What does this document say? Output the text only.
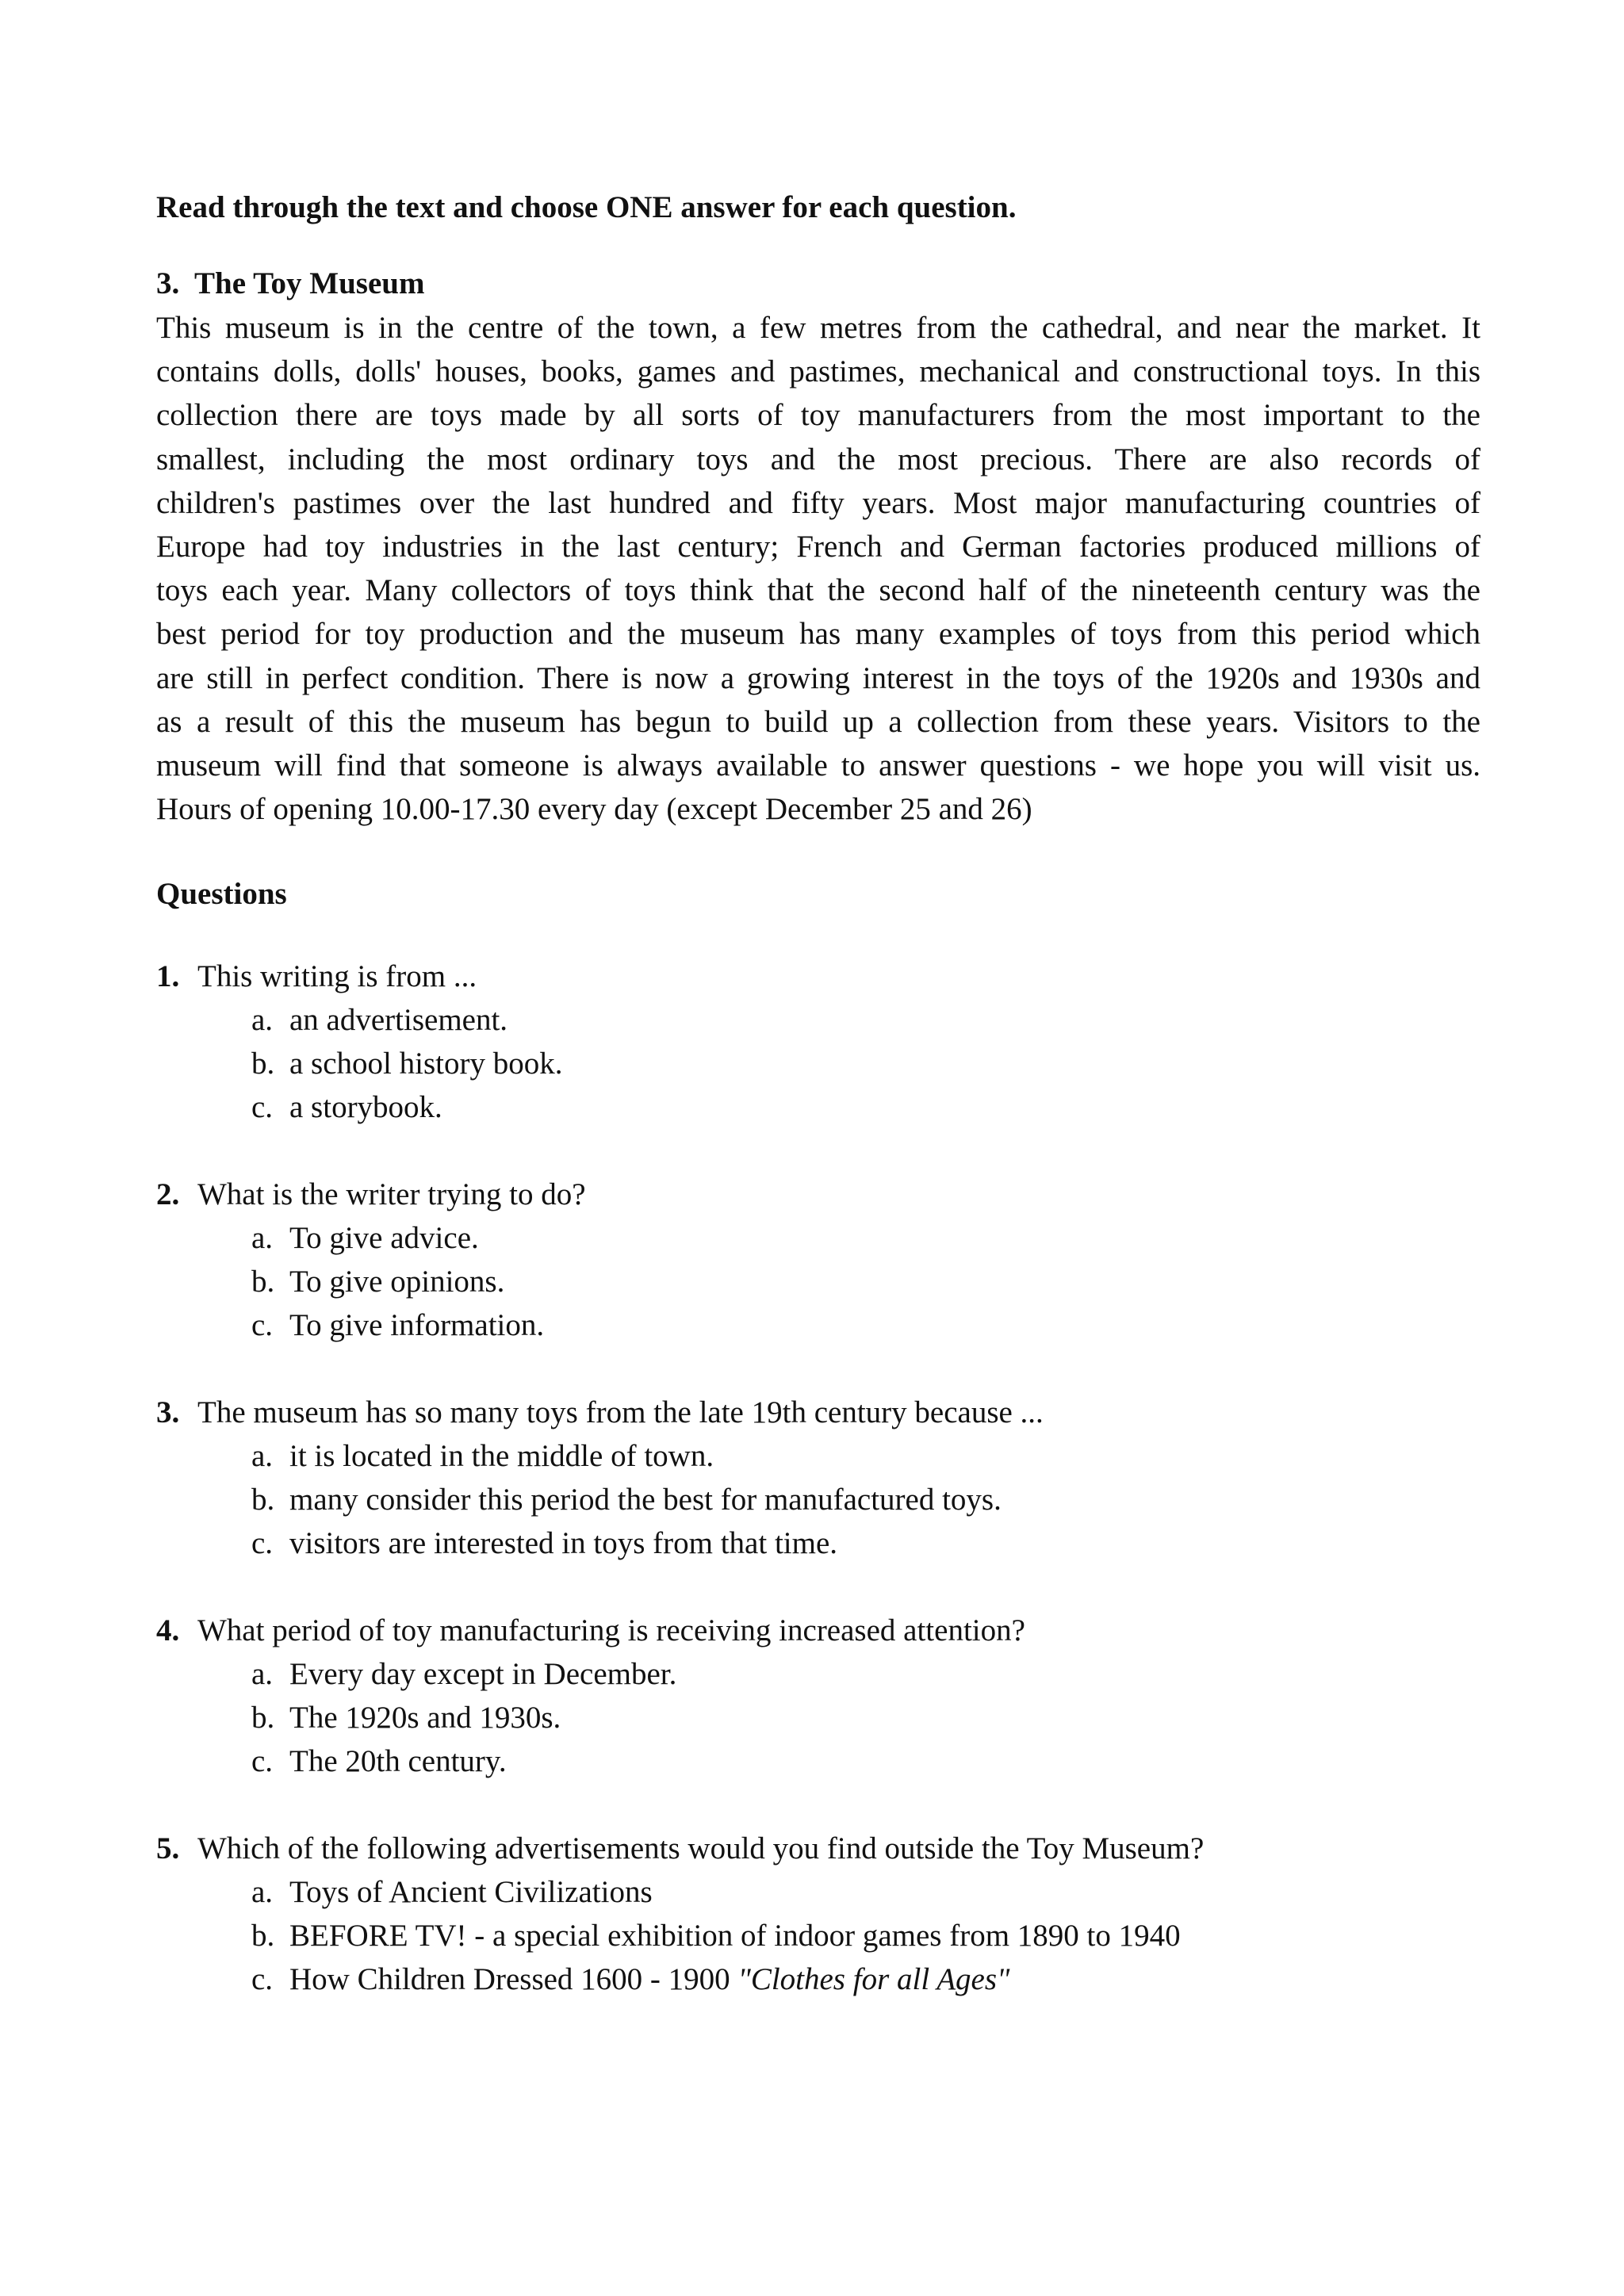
Read through the text and choose ONE answer for each question.

3. The Toy Museum

This museum is in the centre of the town, a few metres from the cathedral, and near the market. It
contains dolls, dolls' houses, books, games and pastimes, mechanical and constructional toys. In this
collection there are toys made by all sorts of toy manufacturers from the most important to the
smallest, including the most ordinary toys and the most precious. There are also records of
children's pastimes over the last hundred and fifty years. Most major manufacturing countries of
Europe had toy industries in the last century; French and German factories produced millions of
toys each year. Many collectors of toys think that the second half of the nineteenth century was the
best period for toy production and the museum has many examples of toys from this period which
are still in perfect condition. There is now a growing interest in the toys of the 1920s and 1930s and
as a result of this the museum has begun to build up a collection from these years. Visitors to the
museum will find that someone is always available to answer questions - we hope you will visit us.
Hours of opening 10.00-17.30 every day (except December 25 and 26)

Questions

1. This writing is from ...
a. an advertisement.
b. a school history book.
c. a storybook.
2. What is the writer trying to do?
a. To give advice.
b. To give opinions.
c. To give information.
3. The museum has so many toys from the late 19th century because ...
a. it is located in the middle of town.
b. many consider this period the best for manufactured toys.
c. visitors are interested in toys from that time.
4. What period of toy manufacturing is receiving increased attention?
a. Every day except in December.
b. The 1920s and 1930s.
c. The 20th century.
5. Which of the following advertisements would you find outside the Toy Museum?
a. Toys of Ancient Civilizations
b. BEFORE TV! - a special exhibition of indoor games from 1890 to 1940
c. How Children Dressed 1600 - 1900 "Clothes for all Ages"
